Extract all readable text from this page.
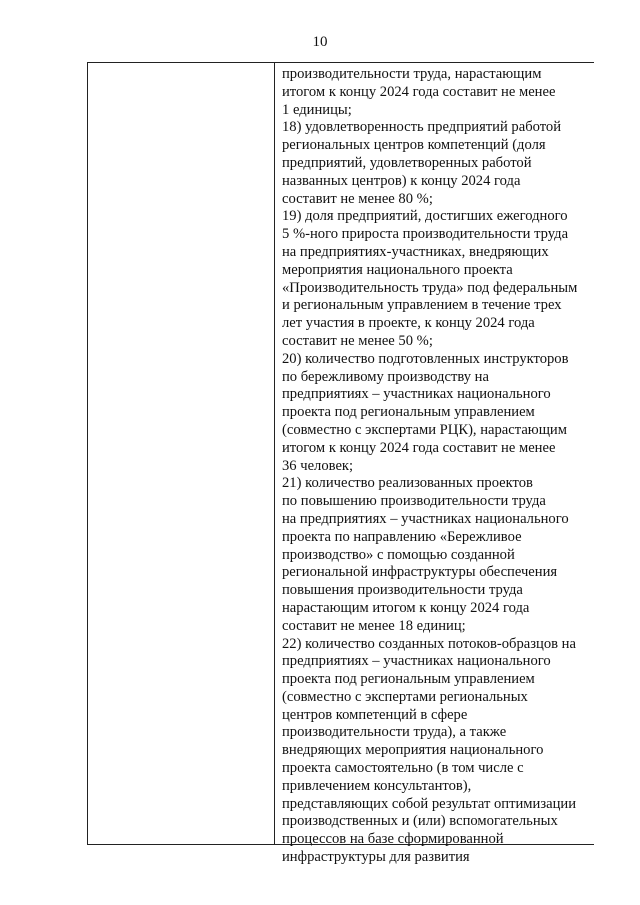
10
производительности труда, нарастающим
итогом к концу 2024 года составит не менее
1 единицы;
18) удовлетворенность предприятий работой
региональных центров компетенций (доля
предприятий, удовлетворенных работой
названных центров) к концу 2024 года
составит не менее 80 %;
19) доля предприятий, достигших ежегодного
5 %-ного прироста производительности труда
на предприятиях-участниках, внедряющих
мероприятия национального проекта
«Производительность труда» под федеральным
и региональным управлением в течение трех
лет участия в проекте, к концу 2024 года
составит не менее 50 %;
20) количество подготовленных инструкторов
по бережливому производству на
предприятиях – участниках национального
проекта под региональным управлением
(совместно с экспертами РЦК), нарастающим
итогом к концу 2024 года составит не менее
36 человек;
21) количество реализованных проектов
по повышению производительности труда
на предприятиях – участниках национального
проекта по направлению «Бережливое
производство» с помощью созданной
региональной инфраструктуры обеспечения
повышения производительности труда
нарастающим итогом к концу 2024 года
составит не менее 18 единиц;
22) количество созданных потоков-образцов на
предприятиях – участниках национального
проекта под региональным управлением
(совместно с экспертами региональных
центров компетенций в сфере
производительности труда), а также
внедряющих мероприятия национального
проекта самостоятельно (в том числе с
привлечением консультантов),
представляющих собой результат оптимизации
производственных и (или) вспомогательных
процессов на базе сформированной
инфраструктуры для развития
